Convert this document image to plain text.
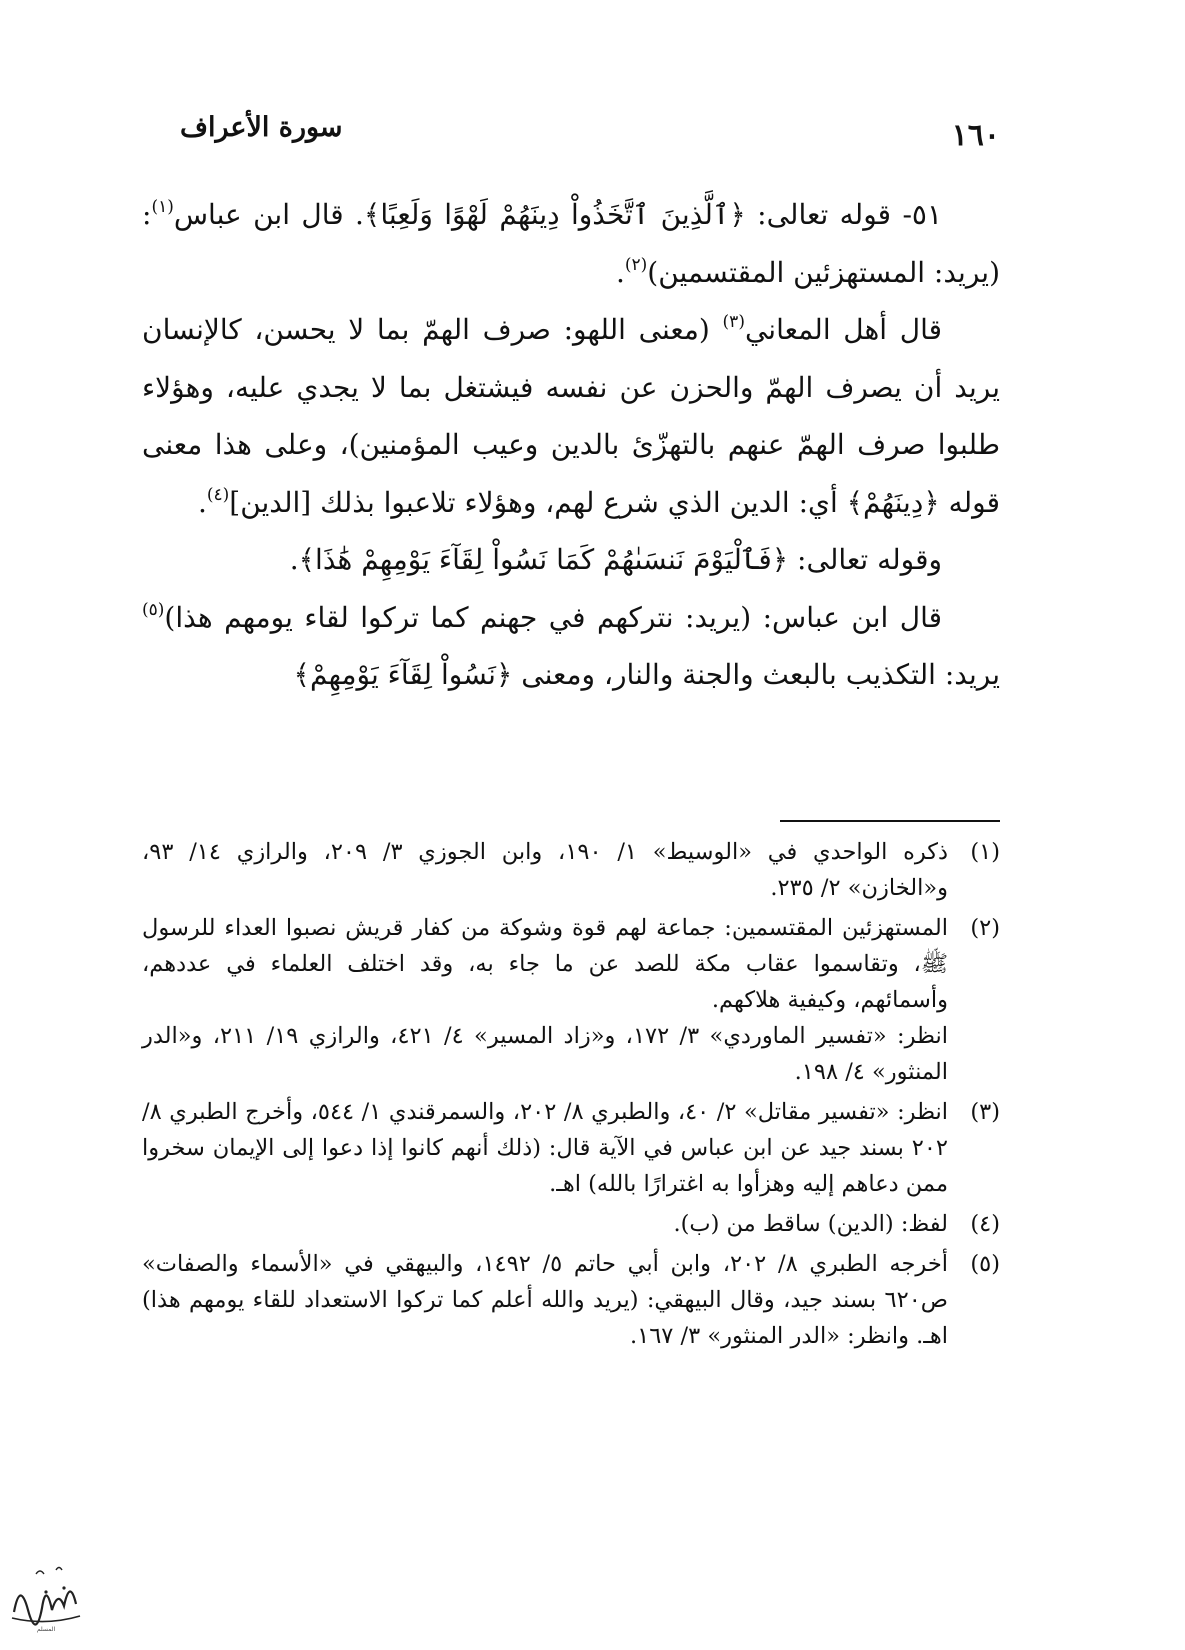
١٦٠
سورة الأعراف

٥١- قوله تعالى: ﴿ٱلَّذِينَ ٱتَّخَذُواْ دِينَهُمْ لَهْوًا وَلَعِبًا﴾. قال ابن عباس$^{(١)}$: (يريد: المستهزئين المقتسمين)$^{(٢)}$.

قال أهل المعاني$^{(٣)}$ (معنى اللهو: صرف الهمّ بما لا يحسن، كالإنسان يريد أن يصرف الهمّ والحزن عن نفسه فيشتغل بما لا يجدي عليه، وهؤلاء طلبوا صرف الهمّ عنهم بالتهزّئ بالدين وعيب المؤمنين)، وعلى هذا معنى قوله ﴿دِينَهُمْ﴾ أي: الدين الذي شرع لهم، وهؤلاء تلاعبوا بذلك [الدين]$^{(٤)}$.

وقوله تعالى: ﴿فَٱلْيَوْمَ نَنسَىٰهُمْ كَمَا نَسُواْ لِقَآءَ يَوْمِهِمْ هَٰذَا﴾.

قال ابن عباس: (يريد: نتركهم في جهنم كما تركوا لقاء يومهم هذا)$^{(٥)}$ يريد: التكذيب بالبعث والجنة والنار، ومعنى ﴿نَسُواْ لِقَآءَ يَوْمِهِمْ﴾

(١)
ذكره الواحدي في «الوسيط» ١/ ١٩٠، وابن الجوزي ٣/ ٢٠٩، والرازي ١٤/ ٩٣، و«الخازن» ٢/ ٢٣٥.
(٢)
المستهزئين المقتسمين: جماعة لهم قوة وشوكة من كفار قريش نصبوا العداء للرسول ﷺ، وتقاسموا عقاب مكة للصد عن ما جاء به، وقد اختلف العلماء في عددهم، وأسمائهم، وكيفية هلاكهم.
انظر: «تفسير الماوردي» ٣/ ١٧٢، و«زاد المسير» ٤/ ٤٢١، والرازي ١٩/ ٢١١، و«الدر المنثور» ٤/ ١٩٨.
(٣)
انظر: «تفسير مقاتل» ٢/ ٤٠، والطبري ٨/ ٢٠٢، والسمرقندي ١/ ٥٤٤، وأخرج الطبري ٨/ ٢٠٢ بسند جيد عن ابن عباس في الآية قال: (ذلك أنهم كانوا إذا دعوا إلى الإيمان سخروا ممن دعاهم إليه وهزأوا به اغترارًا بالله) اهـ.
(٤)
لفظ: (الدين) ساقط من (ب).
(٥)
أخرجه الطبري ٨/ ٢٠٢، وابن أبي حاتم ٥/ ١٤٩٢، والبيهقي في «الأسماء والصفات» ص٦٢٠ بسند جيد، وقال البيهقي: (يريد والله أعلم كما تركوا الاستعداد للقاء يومهم هذا) اهـ. وانظر: «الدر المنثور» ٣/ ١٦٧.
المسلم
